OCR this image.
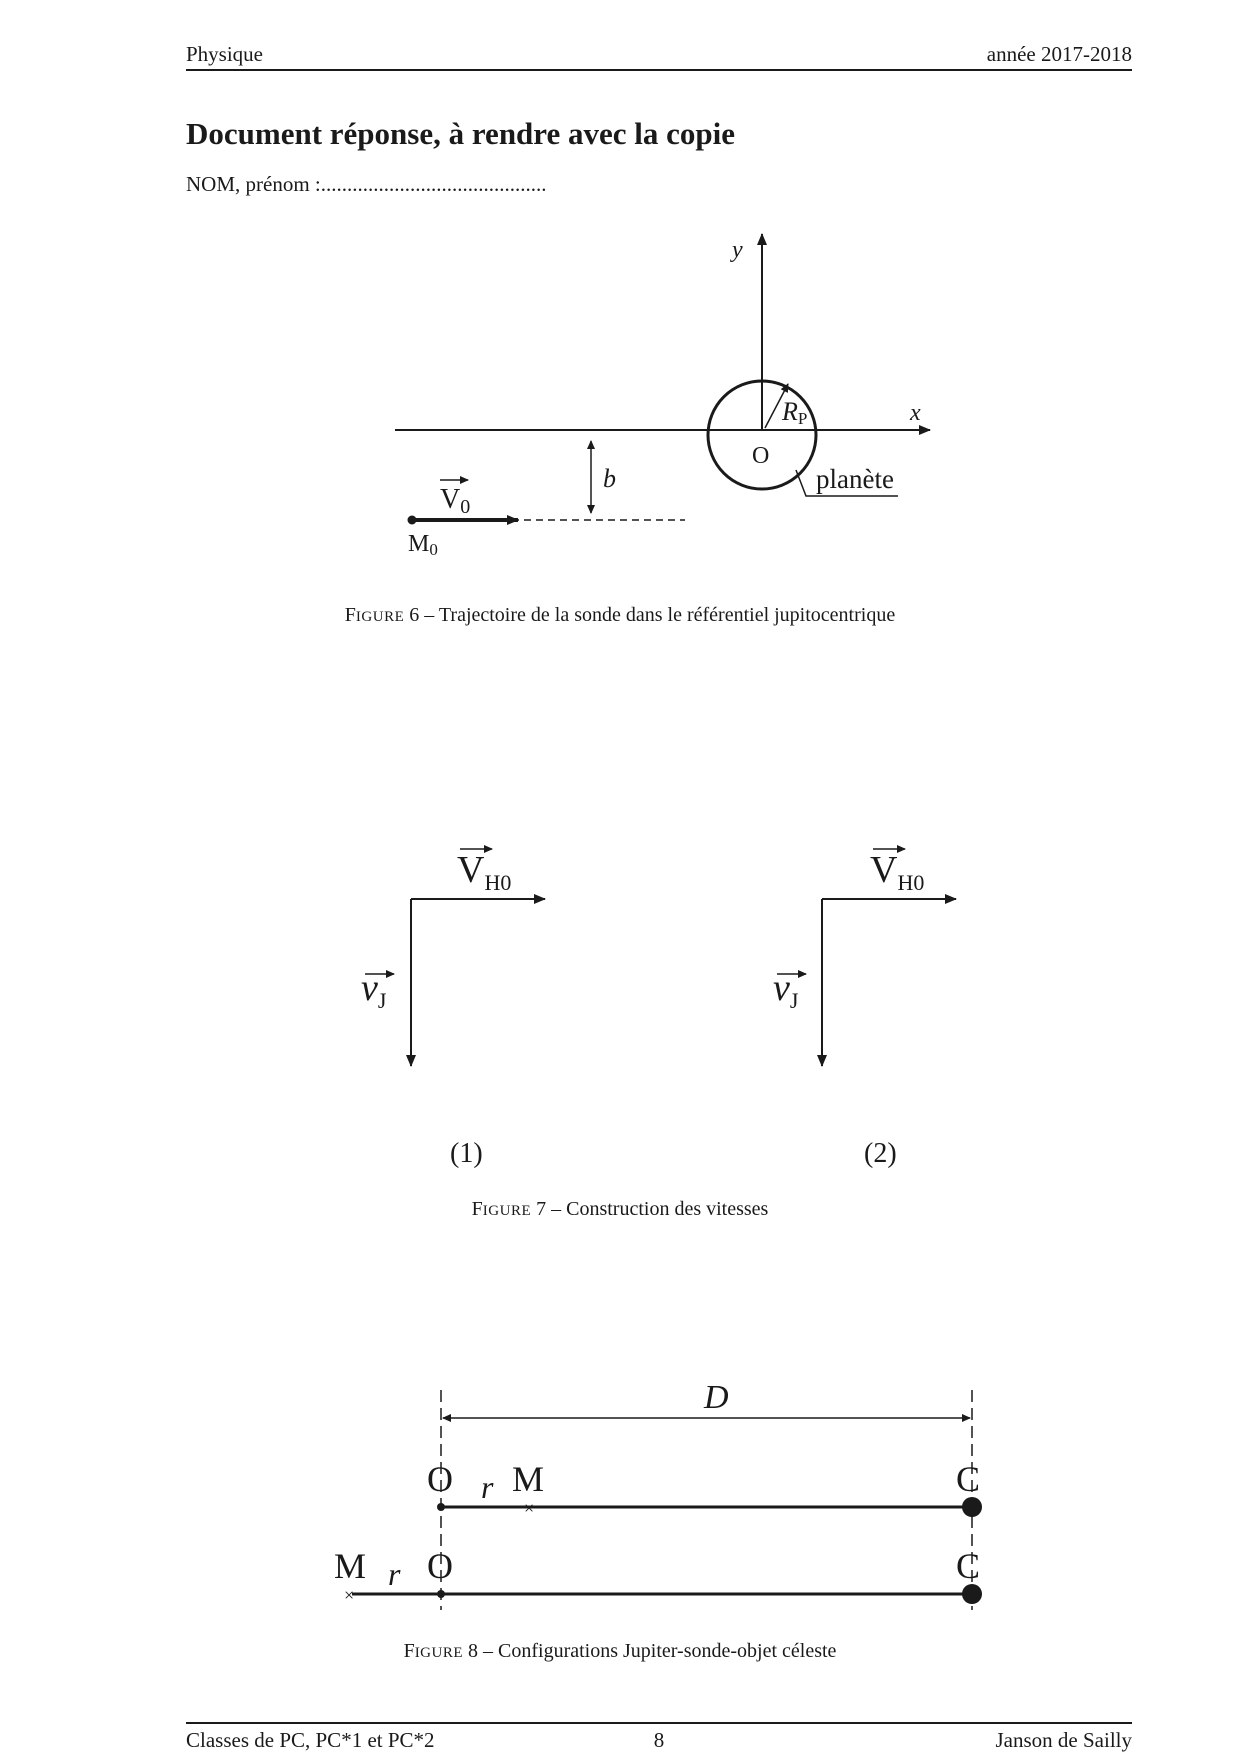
Physique	année 2017-2018
Document réponse, à rendre avec la copie
NOM, prénom :...........................................
y
x
RP
O
planète
b
V0
M0
FIGURE 6 – Trajectoire de la sonde dans le référentiel jupitocentrique
$V_{H0}$
$v_J$
(1)
$V_{H0}$
$v_J$
(2)
FIGURE 7 – Construction des vitesses
D
×
O r M	C
×
M r O	C
FIGURE 8 – Configurations Jupiter-sonde-objet céleste
Classes de PC, PC*1 et PC*2	8	Janson de Sailly
